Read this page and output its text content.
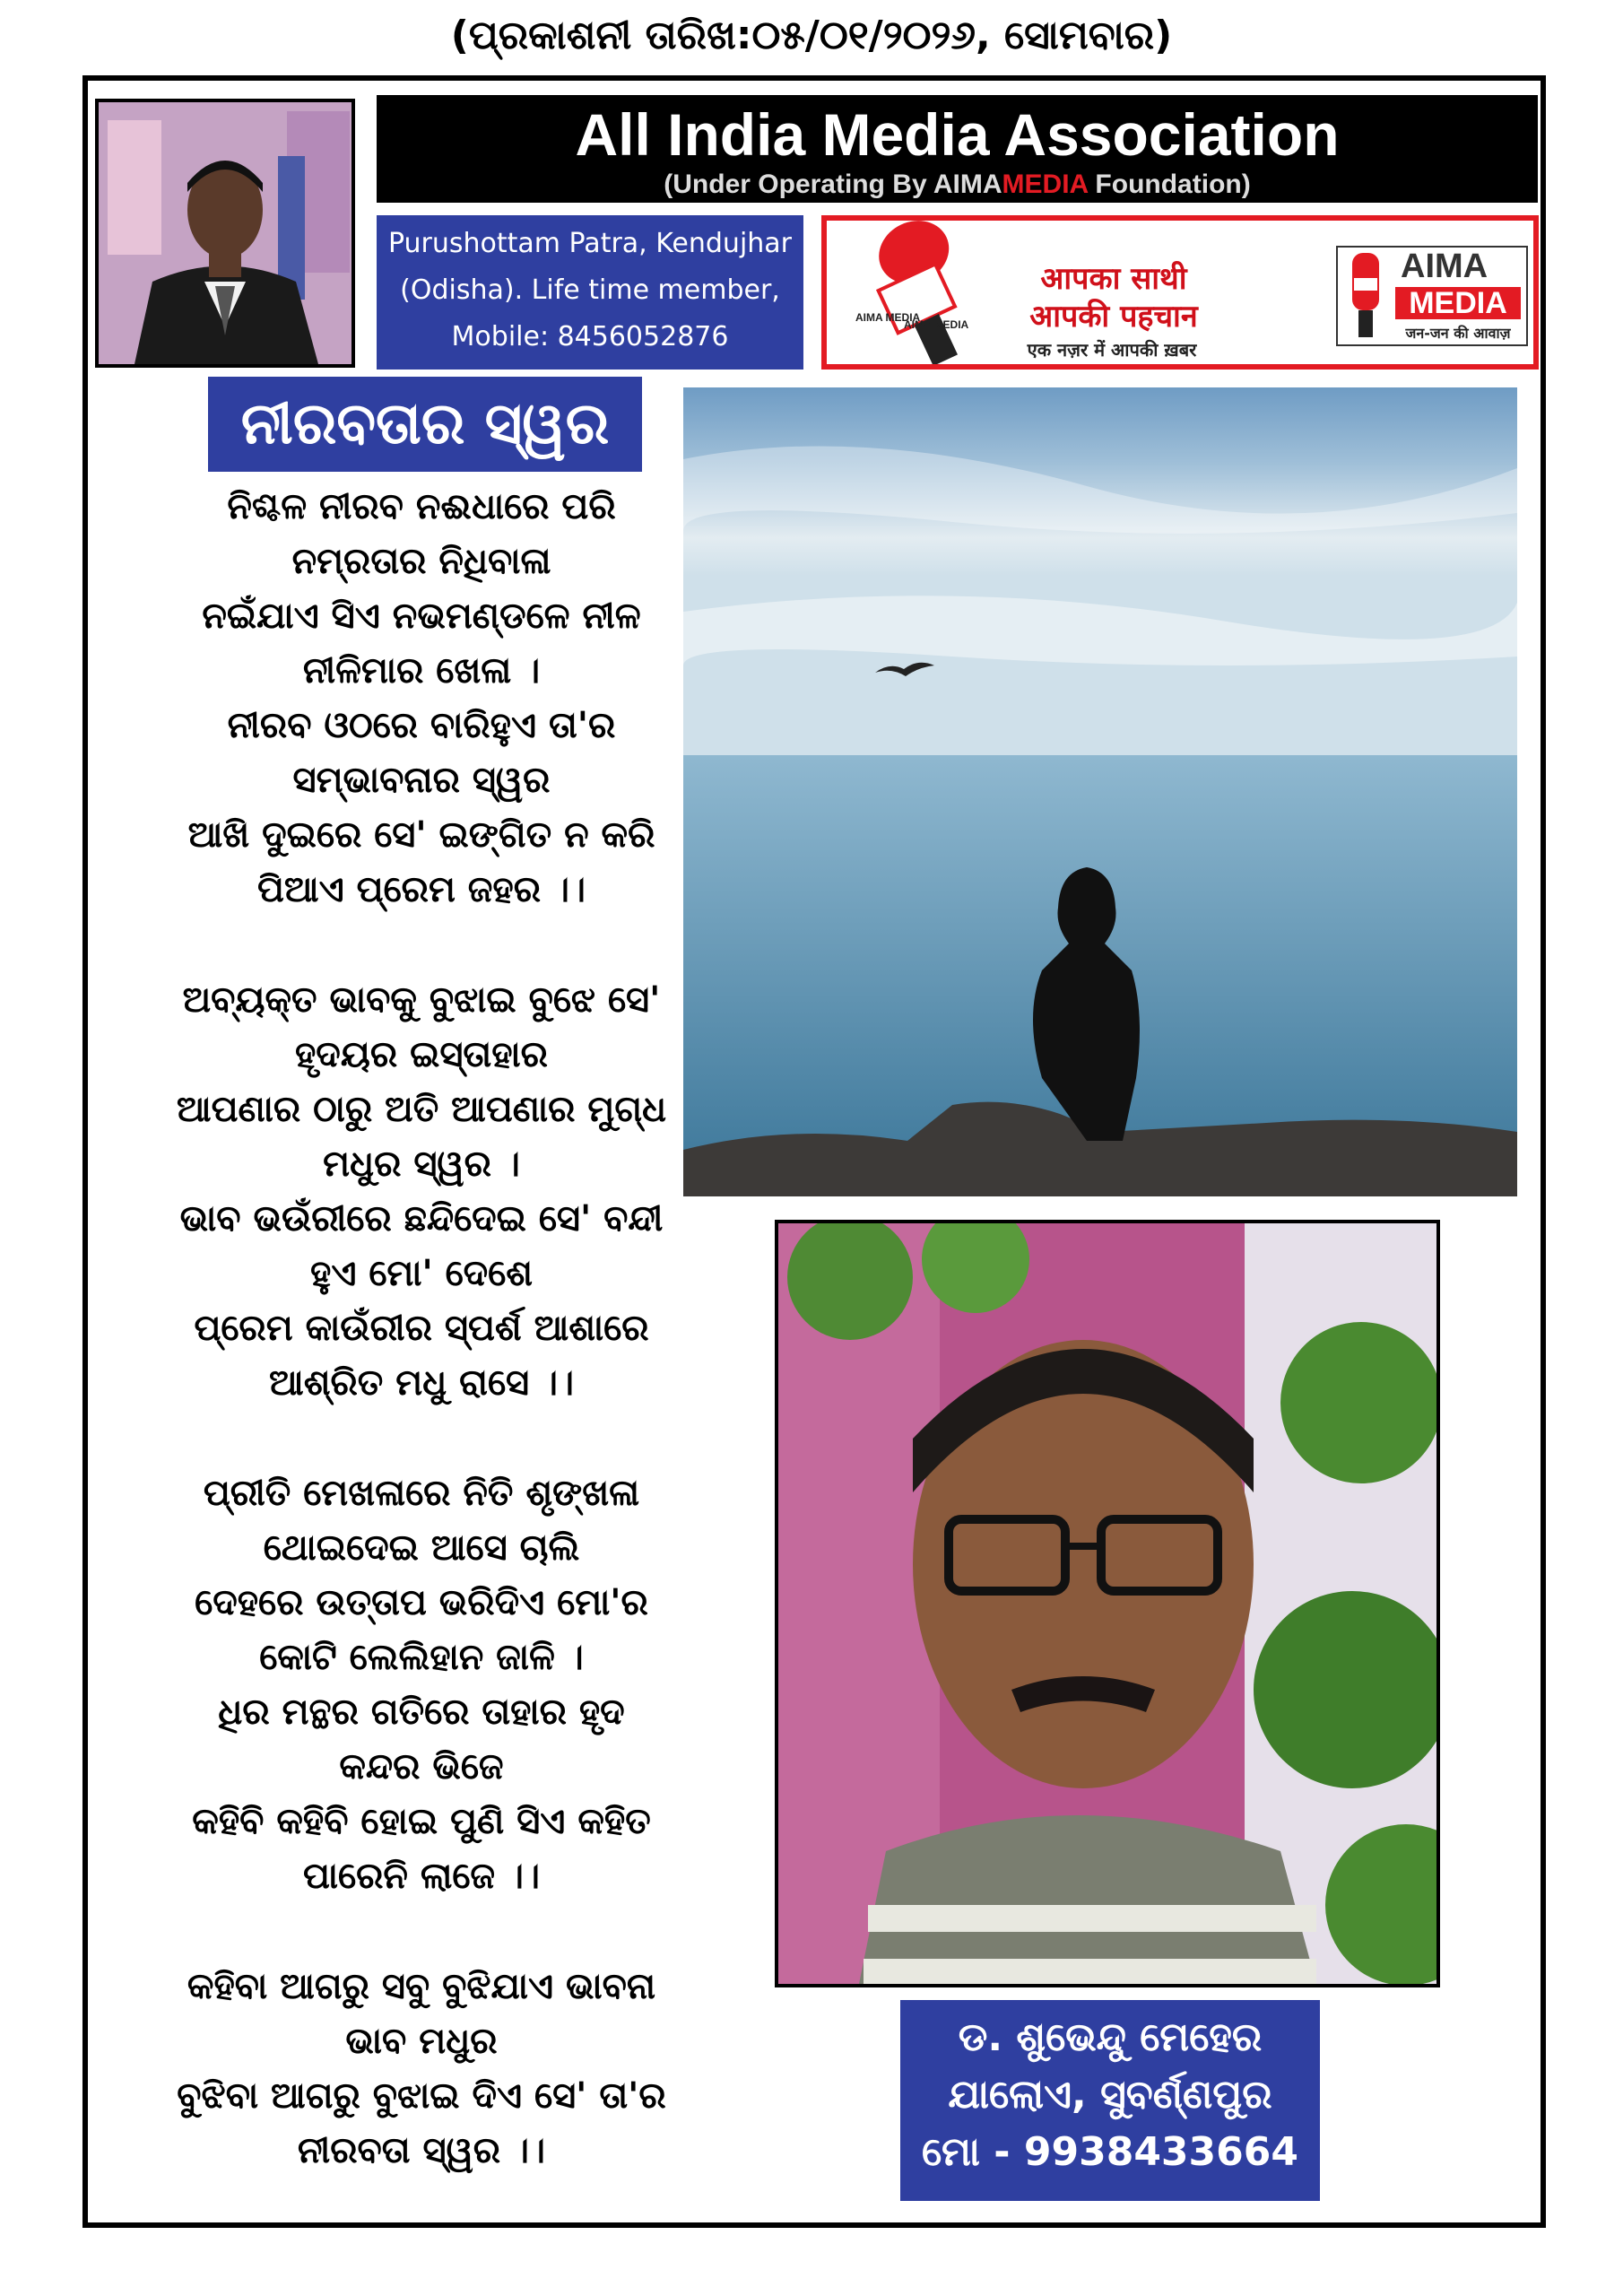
(ପ୍ରକାଶନୀ ତାରିଖ:୦୫/୦୧/୨୦୨୬, ସୋମବାର)
All India Media Association
(Under Operating By AIMAMEDIA Foundation)
Purushottam Patra, Kendujhar
(Odisha). Life time member,
Mobile: 8456052876
AIMA MEDIA
AIMA MEDIA
आपका साथी
आपकी पहचान
एक नज़र में आपकी ख़बर
AIMA
MEDIA
जन-जन की आवाज़
ନୀରବତାର ସ୍ୱର
ନିଶ୍ଚଳ ନୀରବ ନଈଧାରେ ପରି
ନମ୍ରତାର ନିଧିବାଳା
ନଇଁଯାଏ ସିଏ ନଭମଣ୍ଡଳେ ନୀଳ
ନୀଳିମାର ଖେଳା ।
ନୀରବ ଓଠରେ ବାରିହୁଏ ତା'ର
ସମ୍ଭାବନାର ସ୍ୱର
ଆଖି ଦୁଇରେ ସେ' ଇଙ୍ଗିତ ନ କରି
ପିଆଏ ପ୍ରେମ ଜହର ।।
ଅବ୍ୟକ୍ତ ଭାବକୁ ବୁଝାଇ ବୁଝେ ସେ'
ହୃଦୟର ଇସ୍ତାହାର
ଆପଣାର ଠାରୁ ଅତି ଆପଣାର ମୁଗ୍ଧ
ମଧୁର ସ୍ୱର ।
ଭାବ ଭଉଁରୀରେ ଛନ୍ଦିଦେଇ ସେ' ବନ୍ଦୀ
ହୁଏ ମୋ' ଦେଶେ
ପ୍ରେମ କାଉଁରୀର ସ୍ପର୍ଶ ଆଶାରେ
ଆଶ୍ରିତ ମଧୁ ରାସେ ।।
ପ୍ରୀତି ମେଖଳାରେ ନିତି ଶୃଙ୍ଖଳା
ଥୋଇଦେଇ ଆସେ ଚାଲି
ଦେହରେ ଉତ୍ତାପ ଭରିଦିଏ ମୋ'ର
କୋଟି ଲେଲିହାନ ଜାଳି ।
ଧିର ମନ୍ଥର ଗତିରେ ତାହାର ହୃଦ
କନ୍ଦର ଭିଜେ
କହିବି କହିବି ହୋଇ ପୁଣି ସିଏ କହିତ
ପାରେନି ଲାଜେ ।।
କହିବା ଆଗରୁ ସବୁ ବୁଝିଯାଏ ଭାବନା
ଭାବ ମଧୁର
ବୁଝିବା ଆଗରୁ ବୁଝାଇ ଦିଏ ସେ' ତା'ର
ନୀରବତା ସ୍ୱର ।।
ଡ. ଶୁଭେନ୍ଦୁ ମେହେର
ଯାଲୋଏ, ସୁବର୍ଣ୍ଣପୁର
ମୋ - 9938433664
